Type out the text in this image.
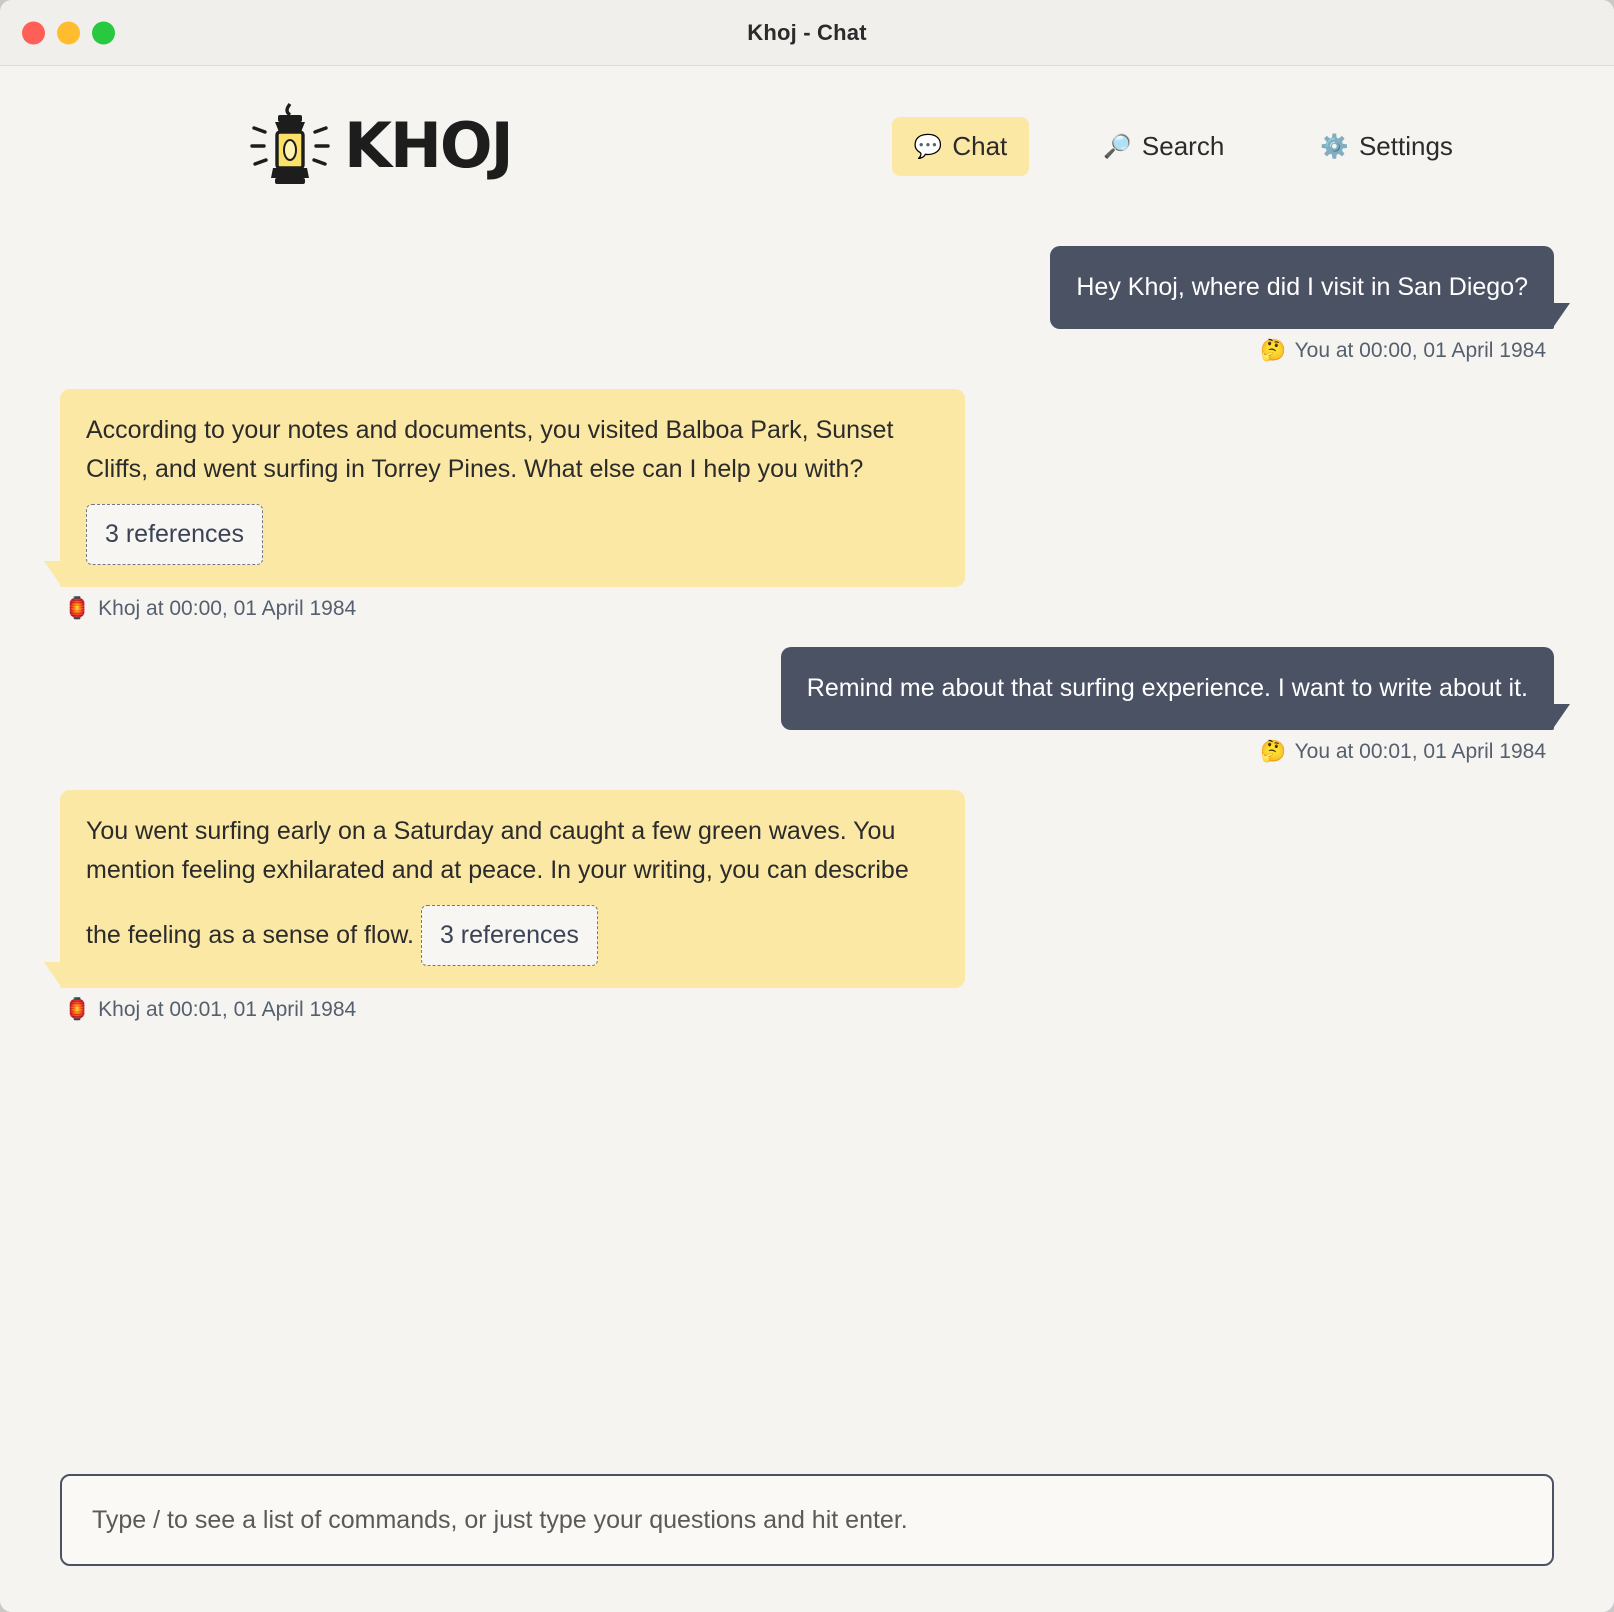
Khoj - Chat
KHOJ	💬 Chat	🔎 Search	⚙️ Settings
Hey Khoj, where did I visit in San Diego?
🤔 You at 00:00, 01 April 1984
According to your notes and documents, you visited Balboa Park, Sunset Cliffs, and went surfing in Torrey Pines. What else can I help you with? 3 references
🏮 Khoj at 00:00, 01 April 1984
Remind me about that surfing experience. I want to write about it.
🤔 You at 00:01, 01 April 1984
You went surfing early on a Saturday and caught a few green waves. You mention feeling exhilarated and at peace. In your writing, you can describe the feeling as a sense of flow. 3 references
🏮 Khoj at 00:01, 01 April 1984
Type / to see a list of commands, or just type your questions and hit enter.
